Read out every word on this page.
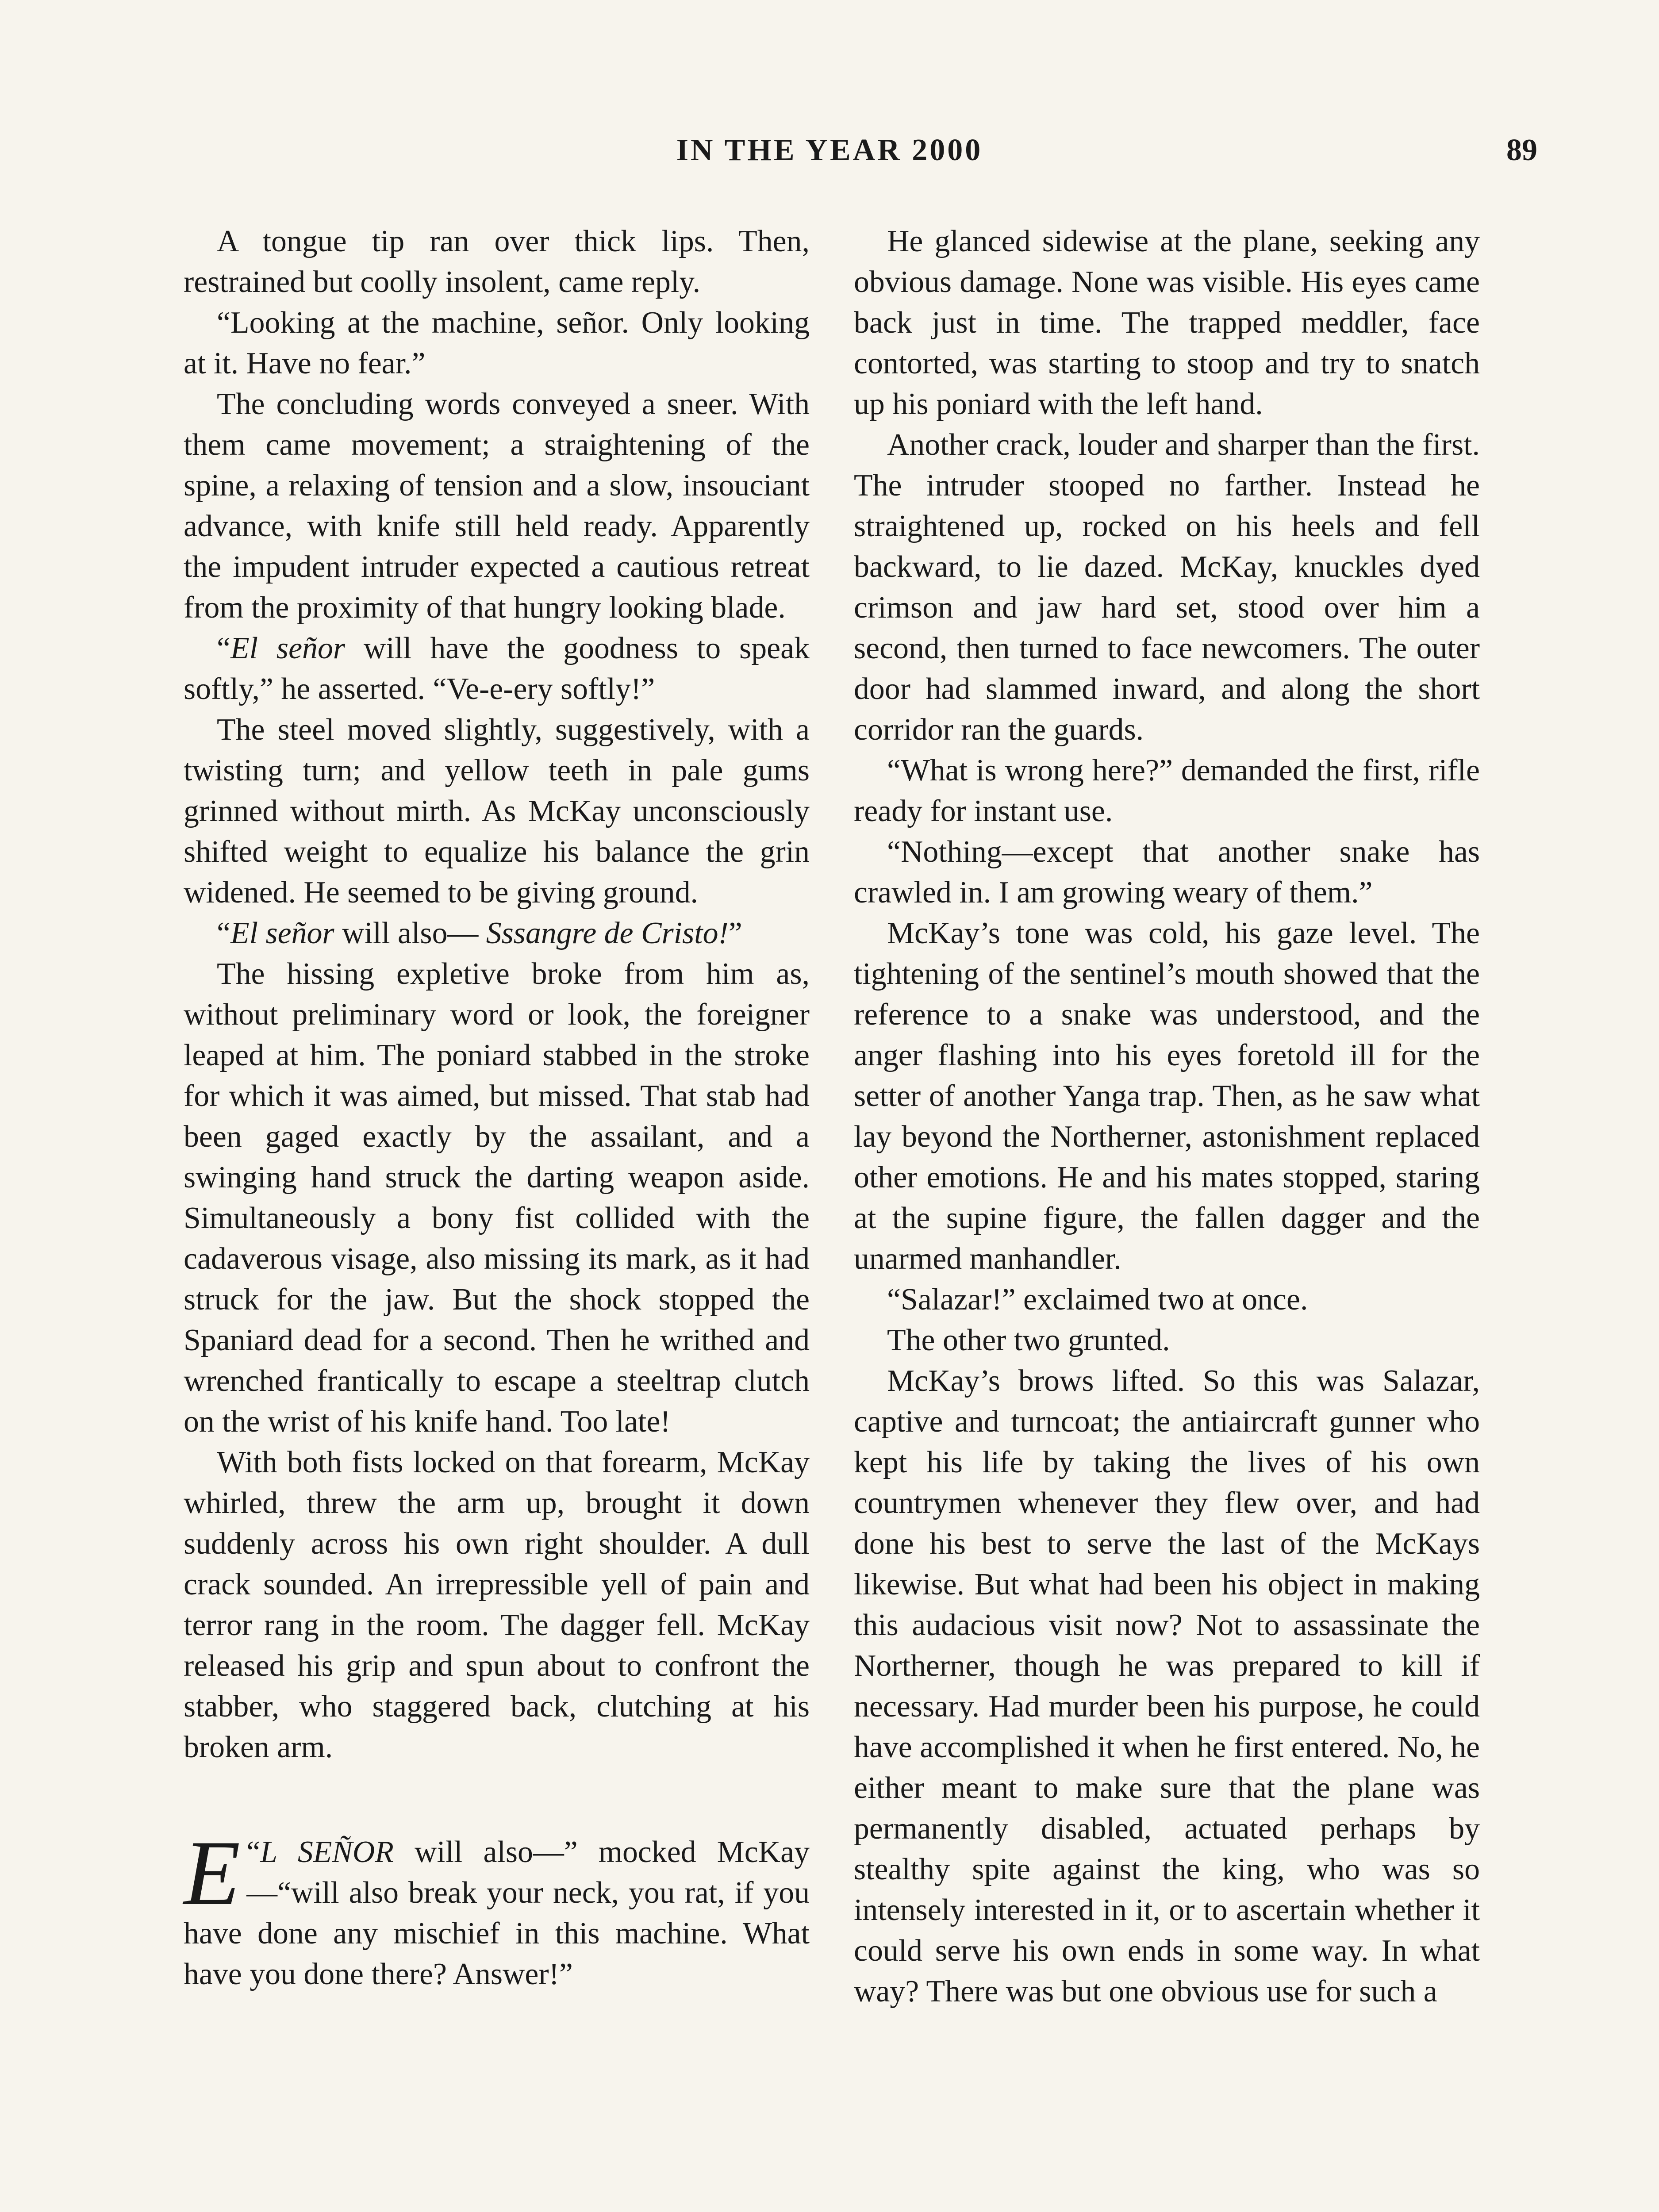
IN THE YEAR 2000	89

A tongue tip ran over thick lips. Then, restrained but coolly insolent, came reply.

“Looking at the machine, señor. Only looking at it. Have no fear.”

The concluding words conveyed a sneer. With them came movement; a straightening of the spine, a relaxing of tension and a slow, insouciant advance, with knife still held ready. Apparently the impudent intruder expected a cautious retreat from the proximity of that hungry looking blade.

“El señor will have the goodness to speak softly,” he asserted. “Ve-e-ery softly!”

The steel moved slightly, suggestively, with a twisting turn; and yellow teeth in pale gums grinned without mirth. As McKay unconsciously shifted weight to equalize his balance the grin widened. He seemed to be giving ground.

“El señor will also— Sssangre de Cristo!”

The hissing expletive broke from him as, without preliminary word or look, the foreigner leaped at him. The poniard stabbed in the stroke for which it was aimed, but missed. That stab had been gaged exactly by the assailant, and a swinging hand struck the darting weapon aside. Simultaneously a bony fist collided with the cadaverous visage, also missing its mark, as it had struck for the jaw. But the shock stopped the Spaniard dead for a second. Then he writhed and wrenched frantically to escape a steeltrap clutch on the wrist of his knife hand. Too late!

With both fists locked on that forearm, McKay whirled, threw the arm up, brought it down suddenly across his own right shoulder. A dull crack sounded. An irrepressible yell of pain and terror rang in the room. The dagger fell. McKay released his grip and spun about to confront the stabber, who staggered back, clutching at his broken arm.

“
E L SEÑOR will also—” mocked McKay—“will also break your neck, you rat, if you have done any mischief in this machine. What have you done there? Answer!”

He glanced sidewise at the plane, seeking any obvious damage. None was visible. His eyes came back just in time. The trapped meddler, face contorted, was starting to stoop and try to snatch up his poniard with the left hand.

Another crack, louder and sharper than the first. The intruder stooped no farther. Instead he straightened up, rocked on his heels and fell backward, to lie dazed. McKay, knuckles dyed crimson and jaw hard set, stood over him a second, then turned to face newcomers. The outer door had slammed inward, and along the short corridor ran the guards.

“What is wrong here?” demanded the first, rifle ready for instant use.

“Nothing—except that another snake has crawled in. I am growing weary of them.”

McKay’s tone was cold, his gaze level. The tightening of the sentinel’s mouth showed that the reference to a snake was understood, and the anger flashing into his eyes foretold ill for the setter of another Yanga trap. Then, as he saw what lay beyond the Northerner, astonishment replaced other emotions. He and his mates stopped, staring at the supine figure, the fallen dagger and the unarmed manhandler.

“Salazar!” exclaimed two at once.

The other two grunted.

McKay’s brows lifted. So this was Salazar, captive and turncoat; the antiaircraft gunner who kept his life by taking the lives of his own countrymen whenever they flew over, and had done his best to serve the last of the McKays likewise. But what had been his object in making this audacious visit now? Not to assassinate the Northerner, though he was prepared to kill if necessary. Had murder been his purpose, he could have accomplished it when he first entered. No, he either meant to make sure that the plane was permanently disabled, actuated perhaps by stealthy spite against the king, who was so intensely interested in it, or to ascertain whether it could serve his own ends in some way. In what way? There was but one obvious use for such a
